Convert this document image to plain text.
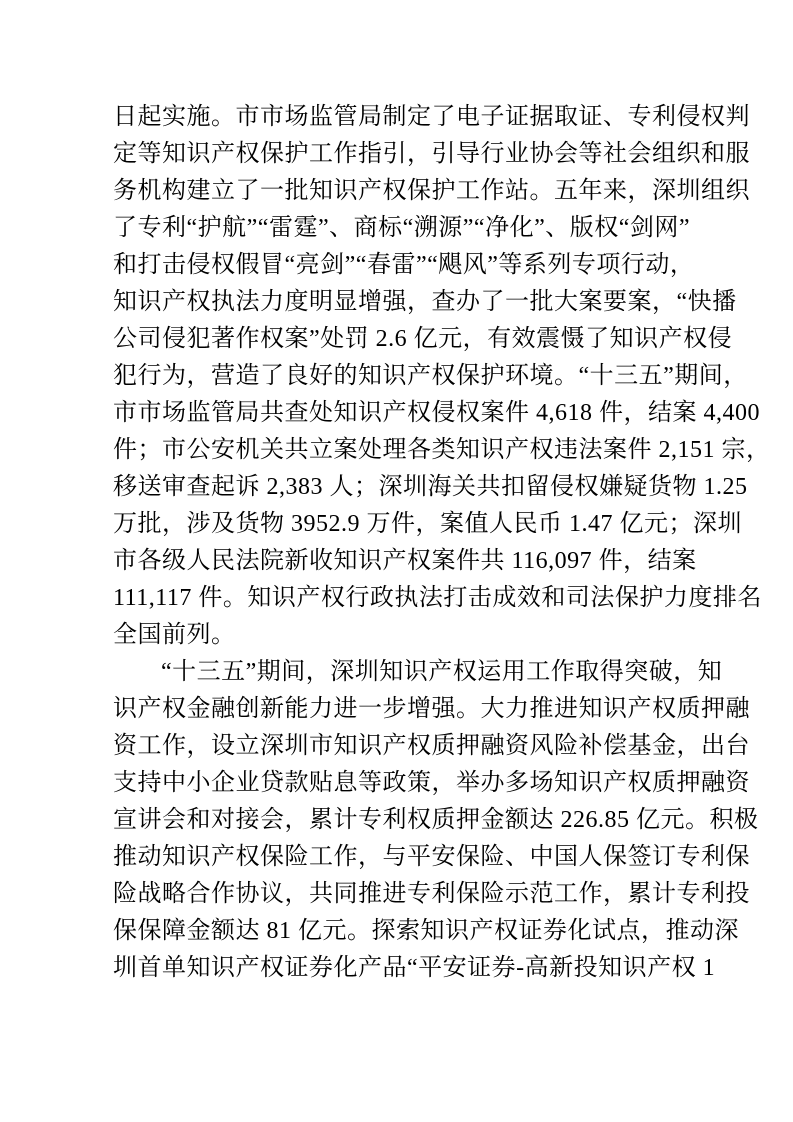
日起实施。市市场监管局制定了电子证据取证、专利侵权判
定等知识产权保护工作指引，引导行业协会等社会组织和服
务机构建立了一批知识产权保护工作站。五年来，深圳组织
了专利“护航”“雷霆”、商标“溯源”“净化”、版权“剑网”
和打击侵权假冒“亮剑”“春雷”“飓风”等系列专项行动，
知识产权执法力度明显增强，查办了一批大案要案，“快播
公司侵犯著作权案”处罚 2.6 亿元，有效震慑了知识产权侵
犯行为，营造了良好的知识产权保护环境。“十三五”期间，
市市场监管局共查处知识产权侵权案件 4,618 件，结案 4,400
件；市公安机关共立案处理各类知识产权违法案件 2,151 宗，
移送审查起诉 2,383 人；深圳海关共扣留侵权嫌疑货物 1.25
万批，涉及货物 3952.9 万件，案值人民币 1.47 亿元；深圳
市各级人民法院新收知识产权案件共 116,097 件，结案
111,117 件。知识产权行政执法打击成效和司法保护力度排名
全国前列。
“十三五”期间，深圳知识产权运用工作取得突破，知
识产权金融创新能力进一步增强。大力推进知识产权质押融
资工作，设立深圳市知识产权质押融资风险补偿基金，出台
支持中小企业贷款贴息等政策，举办多场知识产权质押融资
宣讲会和对接会，累计专利权质押金额达 226.85 亿元。积极
推动知识产权保险工作，与平安保险、中国人保签订专利保
险战略合作协议，共同推进专利保险示范工作，累计专利投
保保障金额达 81 亿元。探索知识产权证券化试点，推动深
圳首单知识产权证券化产品“平安证券-高新投知识产权 1
